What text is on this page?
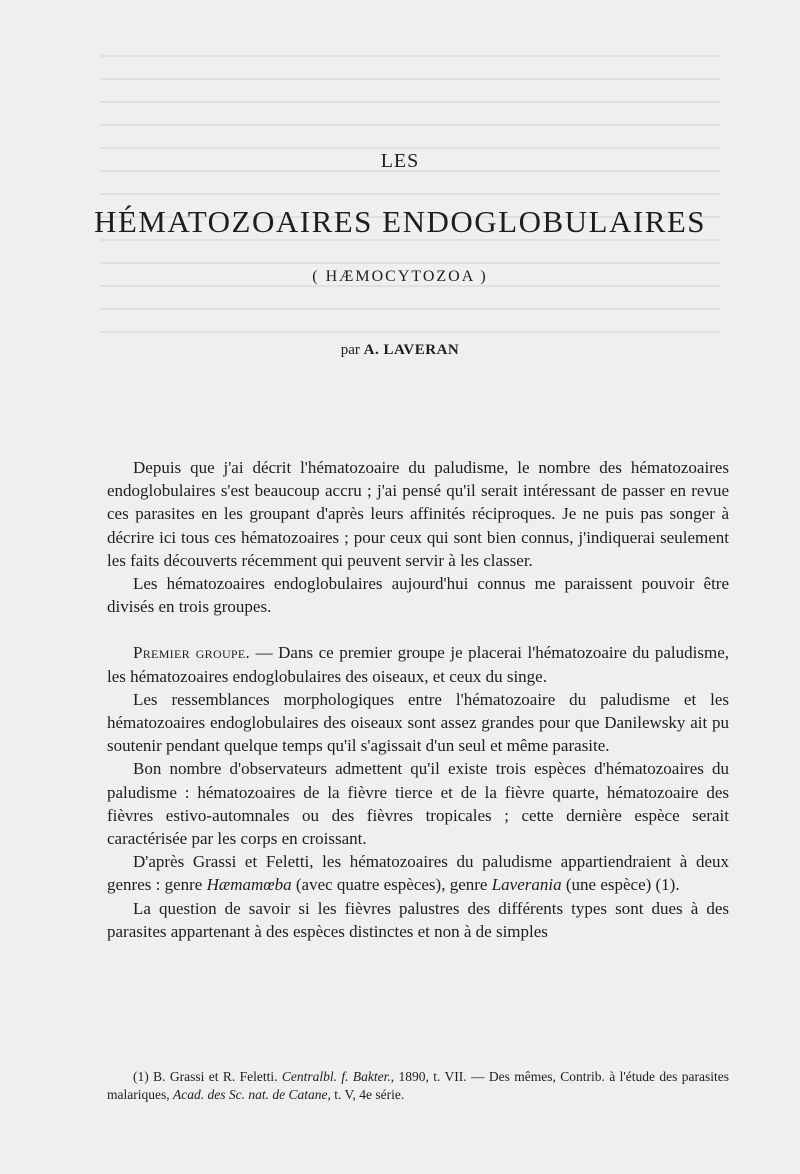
LES
HÉMATOZOAIRES ENDOGLOBULAIRES
( HÆMOCYTOZOA )
par A. LAVERAN

Depuis que j'ai décrit l'hématozoaire du paludisme, le nombre des hématozoaires endoglobulaires s'est beaucoup accru ; j'ai pensé qu'il serait intéressant de passer en revue ces parasites en les groupant d'après leurs affinités réciproques. Je ne puis pas songer à décrire ici tous ces hématozoaires ; pour ceux qui sont bien connus, j'indiquerai seulement les faits découverts récemment qui peuvent servir à les classer.

Les hématozoaires endoglobulaires aujourd'hui connus me paraissent pouvoir être divisés en trois groupes.

Premier groupe. — Dans ce premier groupe je placerai l'hématozoaire du paludisme, les hématozoaires endoglobulaires des oiseaux, et ceux du singe.

Les ressemblances morphologiques entre l'hématozoaire du paludisme et les hématozoaires endoglobulaires des oiseaux sont assez grandes pour que Danilewsky ait pu soutenir pendant quelque temps qu'il s'agissait d'un seul et même parasite.

Bon nombre d'observateurs admettent qu'il existe trois espèces d'hématozoaires du paludisme : hématozoaires de la fièvre tierce et de la fièvre quarte, hématozoaire des fièvres estivo-automnales ou des fièvres tropicales ; cette dernière espèce serait caractérisée par les corps en croissant.

D'après Grassi et Feletti, les hématozoaires du paludisme appartiendraient à deux genres : genre Hæmamœba (avec quatre espèces), genre Laverania (une espèce) (1).

La question de savoir si les fièvres palustres des différents types sont dues à des parasites appartenant à des espèces distinctes et non à de simples

(1) B. Grassi et R. Feletti. Centralbl. f. Bakter., 1890, t. VII. — Des mêmes, Contrib. à l'étude des parasites malariques, Acad. des Sc. nat. de Catane, t. V, 4e série.
